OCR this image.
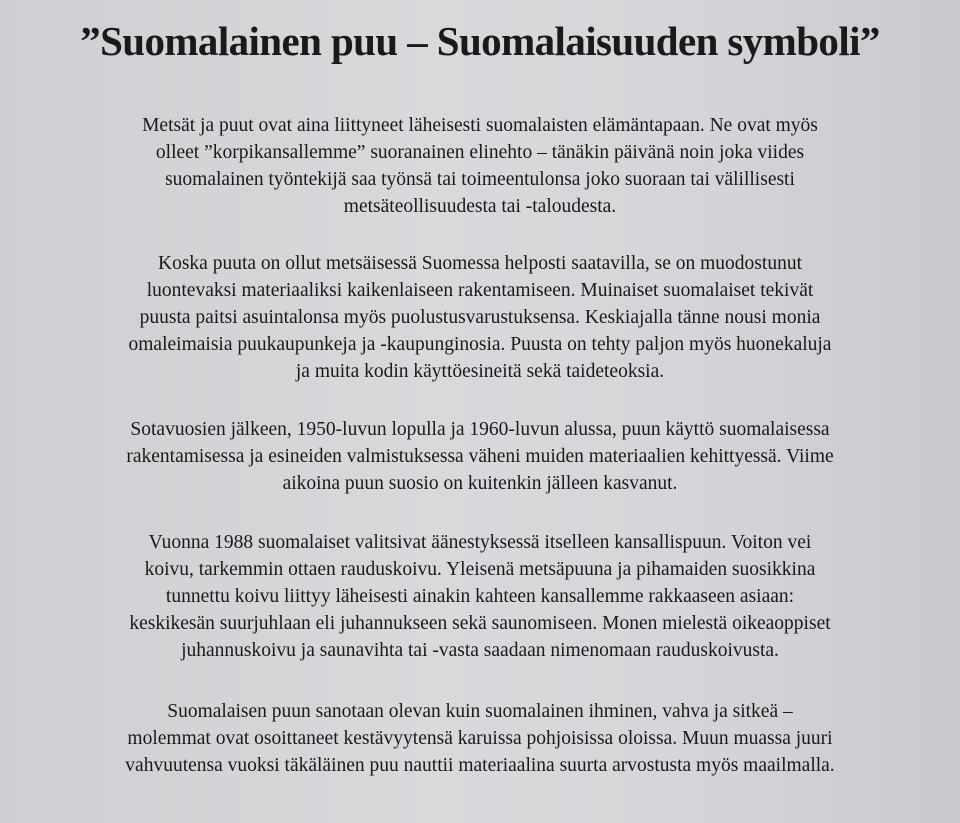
”Suomalainen puu – Suomalaisuuden symboli”
Metsät ja puut ovat aina liittyneet läheisesti suomalaisten elämäntapaan. Ne ovat myös
olleet ”korpikansallemme” suoranainen elinehto – tänäkin päivänä noin joka viides
suomalainen työntekijä saa työnsä tai toimeentulonsa joko suoraan tai välillisesti
metsäteollisuudesta tai -taloudesta.
Koska puuta on ollut metsäisessä Suomessa helposti saatavilla, se on muodostunut
luontevaksi materiaaliksi kaikenlaiseen rakentamiseen. Muinaiset suomalaiset tekivät
puusta paitsi asuintalonsa myös puolustusvarustuksensa. Keskiajalla tänne nousi monia
omaleimaisia puukaupunkeja ja -kaupunginosia. Puusta on tehty paljon myös huonekaluja
ja muita kodin käyttöesineitä sekä taideteoksia.
Sotavuosien jälkeen, 1950-luvun lopulla ja 1960-luvun alussa, puun käyttö suomalaisessa
rakentamisessa ja esineiden valmistuksessa väheni muiden materiaalien kehittyessä. Viime
aikoina puun suosio on kuitenkin jälleen kasvanut.
Vuonna 1988 suomalaiset valitsivat äänestyksessä itselleen kansallispuun. Voiton vei
koivu, tarkemmin ottaen rauduskoivu. Yleisenä metsäpuuna ja pihamaiden suosikkina
tunnettu koivu liittyy läheisesti ainakin kahteen kansallemme rakkaaseen asiaan:
keskikesän suurjuhlaan eli juhannukseen sekä saunomiseen. Monen mielestä oikeaoppiset
juhannuskoivu ja saunavihta tai -vasta saadaan nimenomaan rauduskoivusta.
Suomalaisen puun sanotaan olevan kuin suomalainen ihminen, vahva ja sitkeä –
molemmat ovat osoittaneet kestävyytensä karuissa pohjoisissa oloissa. Muun muassa juuri
vahvuutensa vuoksi täkäläinen puu nauttii materiaalina suurta arvostusta myös maailmalla.
